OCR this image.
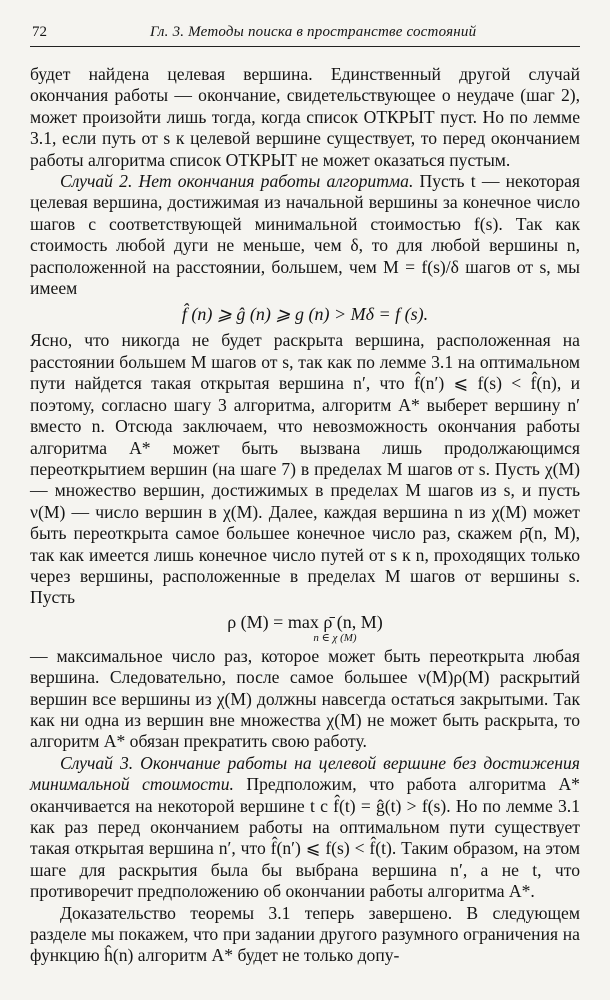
72	Гл. 3. Методы поиска в пространстве состояний

будет найдена целевая вершина. Единственный другой случай окончания работы — окончание, свидетельствующее о неудаче (шаг 2), может произойти лишь тогда, когда список ОТКРЫТ пуст. Но по лемме 3.1, если путь от s к целевой вершине существует, то перед окончанием работы алгоритма список ОТКРЫТ не может оказаться пустым.

Случай 2. Нет окончания работы алгоритма. Пусть t — некоторая целевая вершина, достижимая из начальной вершины за конечное число шагов с соответствующей минимальной стоимостью f(s). Так как стоимость любой дуги не меньше, чем δ, то для любой вершины n, расположенной на расстоянии, большем, чем M = f(s)/δ шагов от s, мы имеем

f̂ (n) ⩾ ĝ (n) ⩾ g (n) > Mδ = f (s).

Ясно, что никогда не будет раскрыта вершина, расположенная на расстоянии большем M шагов от s, так как по лемме 3.1 на оптимальном пути найдется такая открытая вершина n′, что f̂(n′) ⩽ f(s) < f̂(n), и поэтому, согласно шагу 3 алгоритма, алгоритм A* выберет вершину n′ вместо n. Отсюда заключаем, что невозможность окончания работы алгоритма A* может быть вызвана лишь продолжающимся переоткрытием вершин (на шаге 7) в пределах M шагов от s. Пусть χ(M) — множество вершин, достижимых в пределах M шагов из s, и пусть ν(M) — число вершин в χ(M). Далее, каждая вершина n из χ(M) может быть переоткрыта самое большее конечное число раз, скажем ρ̄(n, M), так как имеется лишь конечное число путей от s к n, проходящих только через вершины, расположенные в пределах M шагов от вершины s. Пусть

ρ (M) = max ρ̄ (n, M)
n ∈ χ (M)

— максимальное число раз, которое может быть переоткрыта любая вершина. Следовательно, после самое большее ν(M)ρ(M) раскрытий вершин все вершины из χ(M) должны навсегда остаться закрытыми. Так как ни одна из вершин вне множества χ(M) не может быть раскрыта, то алгоритм A* обязан прекратить свою работу.

Случай 3. Окончание работы на целевой вершине без достижения минимальной стоимости. Предположим, что работа алгоритма A* оканчивается на некоторой вершине t с f̂(t) = ĝ(t) > f(s). Но по лемме 3.1 как раз перед окончанием работы на оптимальном пути существует такая открытая вершина n′, что f̂(n′) ⩽ f(s) < f̂(t). Таким образом, на этом шаге для раскрытия была бы выбрана вершина n′, а не t, что противоречит предположению об окончании работы алгоритма A*.

Доказательство теоремы 3.1 теперь завершено. В следующем разделе мы покажем, что при задании другого разумного ограничения на функцию ĥ(n) алгоритм A* будет не только допу-
